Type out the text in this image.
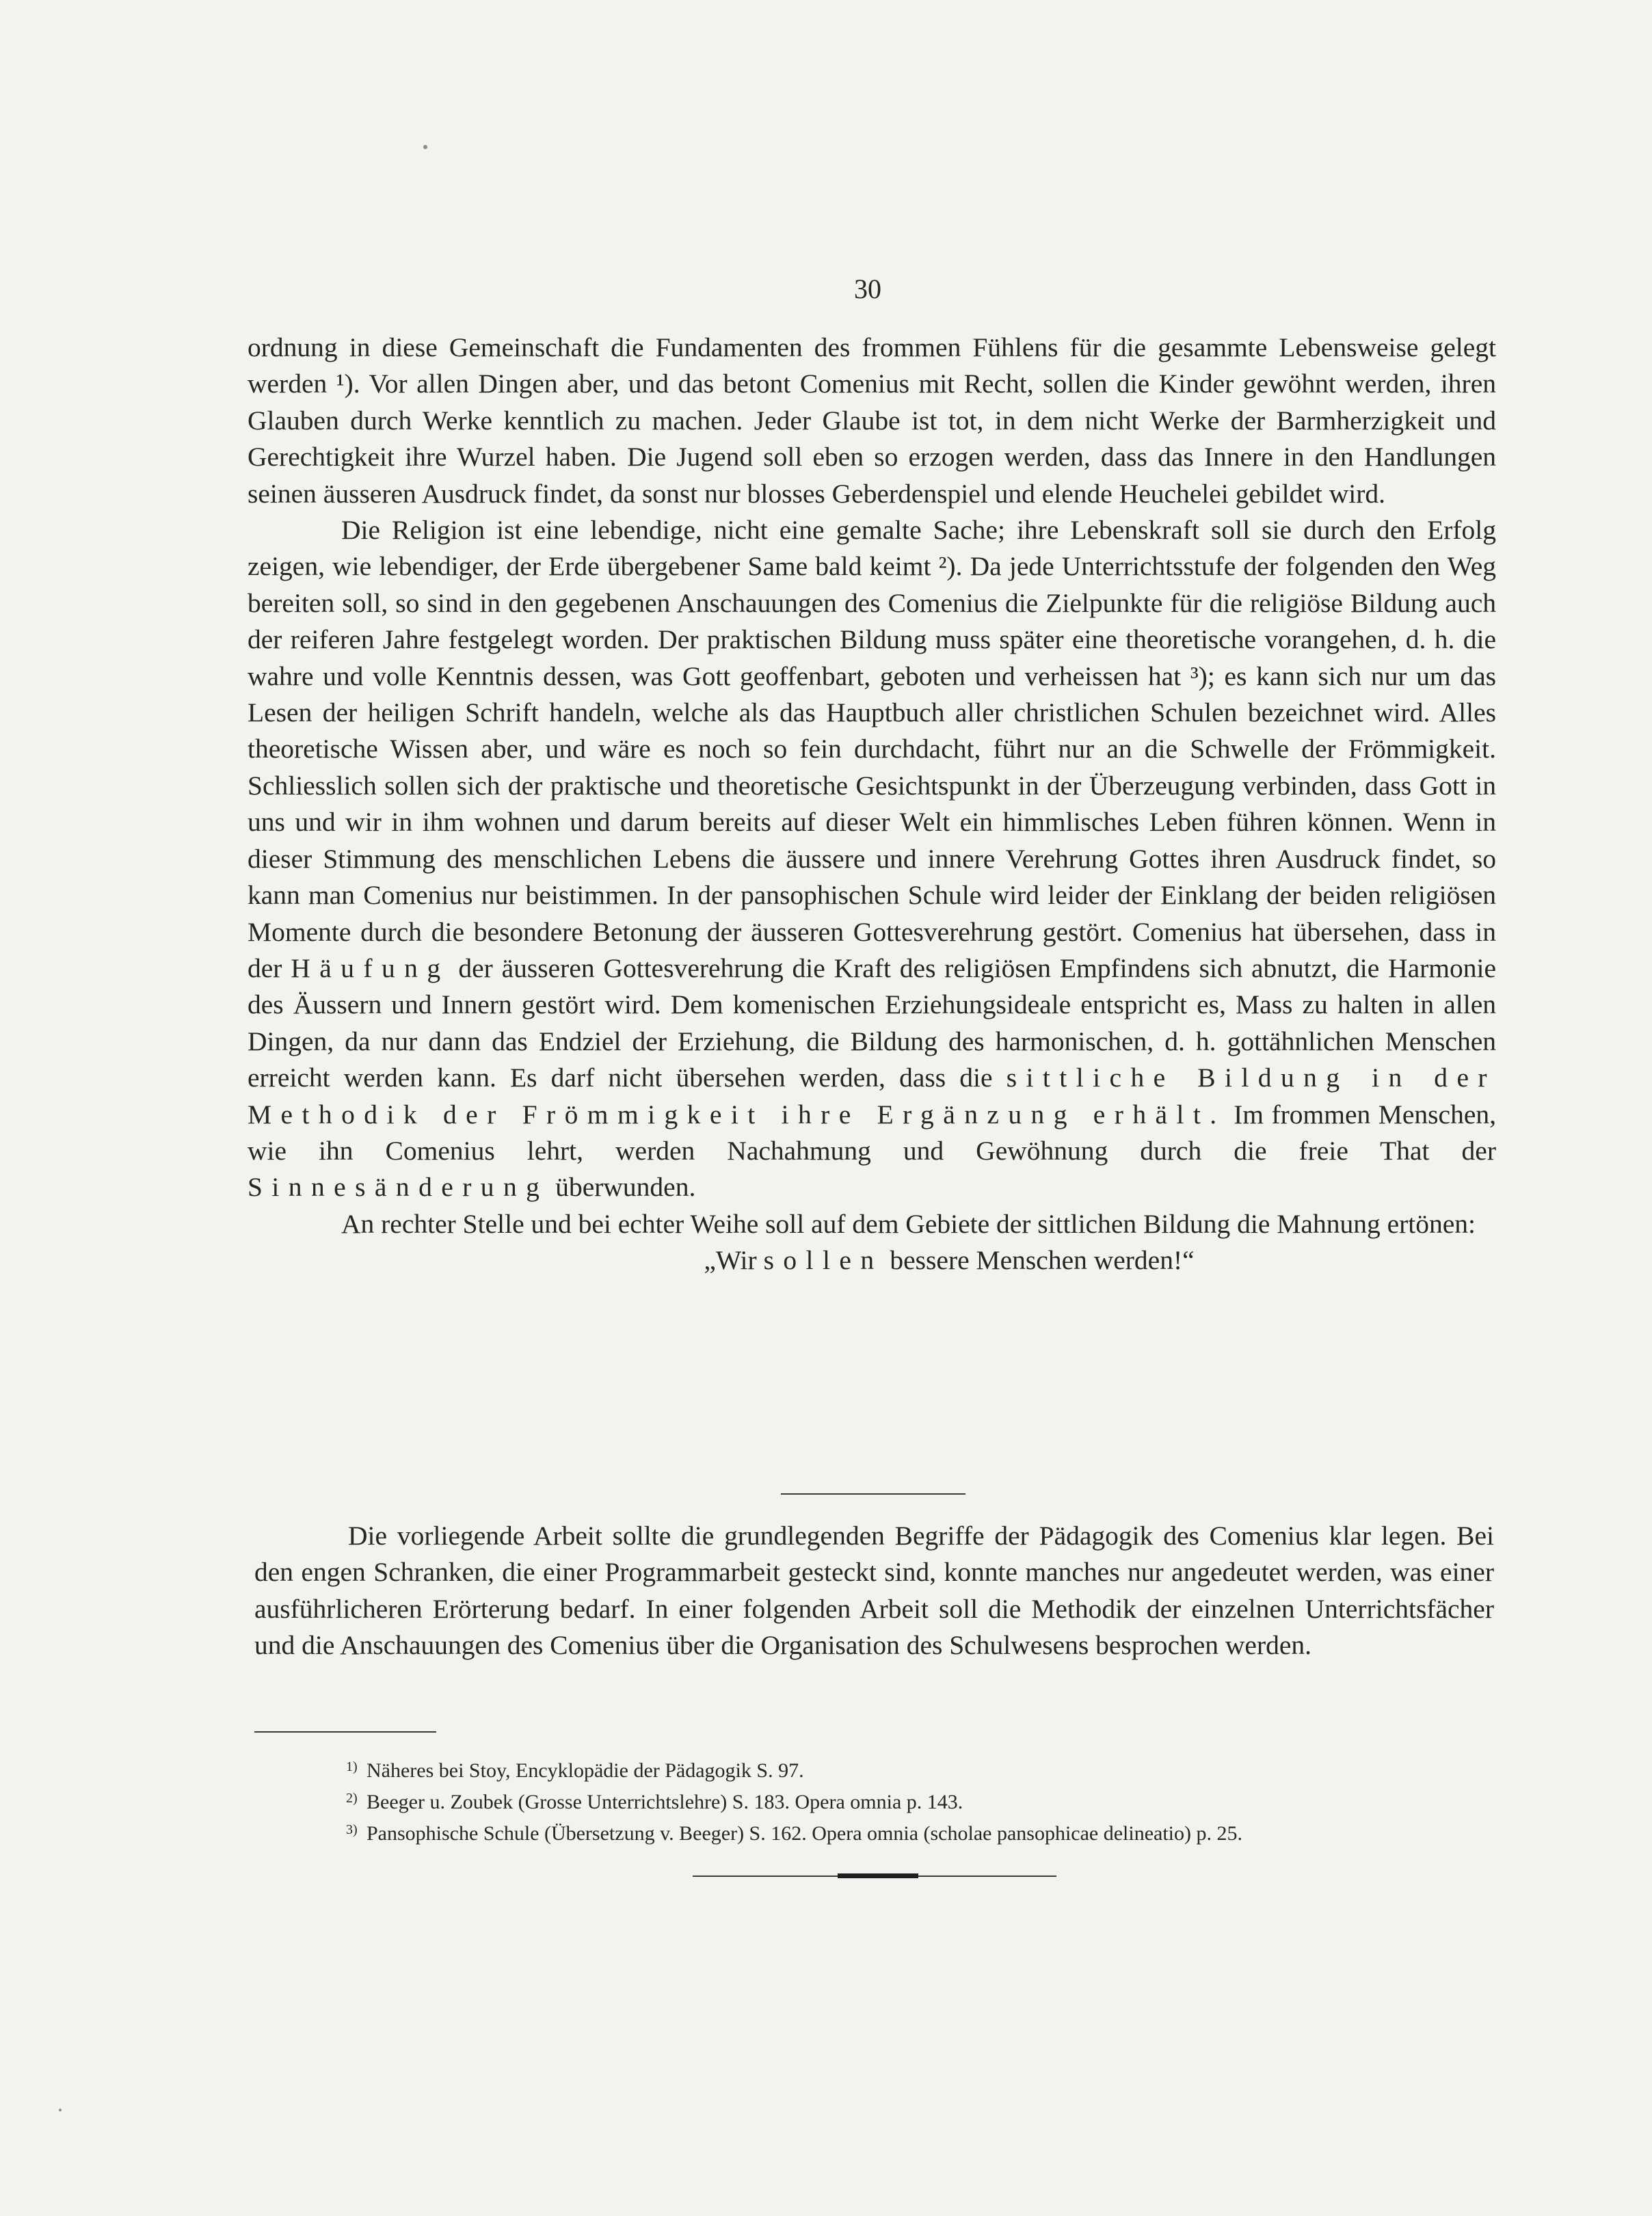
30

ordnung in diese Gemeinschaft die Fundamenten des frommen Fühlens für die gesammte Lebensweise gelegt werden ¹). Vor allen Dingen aber, und das betont Comenius mit Recht, sollen die Kinder gewöhnt werden, ihren Glauben durch Werke kenntlich zu machen. Jeder Glaube ist tot, in dem nicht Werke der Barmherzigkeit und Gerechtigkeit ihre Wurzel haben. Die Jugend soll eben so erzogen werden, dass das Innere in den Handlungen seinen äusseren Ausdruck findet, da sonst nur blosses Geberdenspiel und elende Heuchelei gebildet wird.

Die Religion ist eine lebendige, nicht eine gemalte Sache; ihre Lebenskraft soll sie durch den Erfolg zeigen, wie lebendiger, der Erde übergebener Same bald keimt ²). Da jede Unterrichtsstufe der folgenden den Weg bereiten soll, so sind in den gegebenen Anschauungen des Comenius die Zielpunkte für die religiöse Bildung auch der reiferen Jahre festgelegt worden. Der praktischen Bildung muss später eine theoretische vorangehen, d. h. die wahre und volle Kenntnis dessen, was Gott geoffenbart, geboten und verheissen hat ³); es kann sich nur um das Lesen der heiligen Schrift handeln, welche als das Hauptbuch aller christlichen Schulen bezeichnet wird. Alles theoretische Wissen aber, und wäre es noch so fein durchdacht, führt nur an die Schwelle der Frömmigkeit. Schliesslich sollen sich der praktische und theoretische Gesichtspunkt in der Überzeugung verbinden, dass Gott in uns und wir in ihm wohnen und darum bereits auf dieser Welt ein himmlisches Leben führen können. Wenn in dieser Stimmung des menschlichen Lebens die äussere und innere Verehrung Gottes ihren Ausdruck findet, so kann man Comenius nur beistimmen. In der pansophischen Schule wird leider der Einklang der beiden religiösen Momente durch die besondere Betonung der äusseren Gottesverehrung gestört. Comenius hat übersehen, dass in der Häufung der äusseren Gottesverehrung die Kraft des religiösen Empfindens sich abnutzt, die Harmonie des Äussern und Innern gestört wird. Dem komenischen Erziehungsideale entspricht es, Mass zu halten in allen Dingen, da nur dann das Endziel der Erziehung, die Bildung des harmonischen, d. h. gottähnlichen Menschen erreicht werden kann. Es darf nicht übersehen werden, dass die sittliche Bildung in der Methodik der Frömmigkeit ihre Ergänzung erhält. Im frommen Menschen, wie ihn Comenius lehrt, werden Nachahmung und Gewöhnung durch die freie That der Sinnesänderung überwunden.

An rechter Stelle und bei echter Weihe soll auf dem Gebiete der sittlichen Bildung die Mahnung ertönen:

„Wir sollen bessere Menschen werden!“

Die vorliegende Arbeit sollte die grundlegenden Begriffe der Pädagogik des Comenius klar legen. Bei den engen Schranken, die einer Programmarbeit gesteckt sind, konnte manches nur angedeutet werden, was einer ausführlicheren Erörterung bedarf. In einer folgenden Arbeit soll die Methodik der einzelnen Unterrichtsfächer und die Anschauungen des Comenius über die Organisation des Schulwesens besprochen werden.

1) Näheres bei Stoy, Encyklopädie der Pädagogik S. 97.

2) Beeger u. Zoubek (Grosse Unterrichtslehre) S. 183. Opera omnia p. 143.

3) Pansophische Schule (Übersetzung v. Beeger) S. 162. Opera omnia (scholae pansophicae delineatio) p. 25.
